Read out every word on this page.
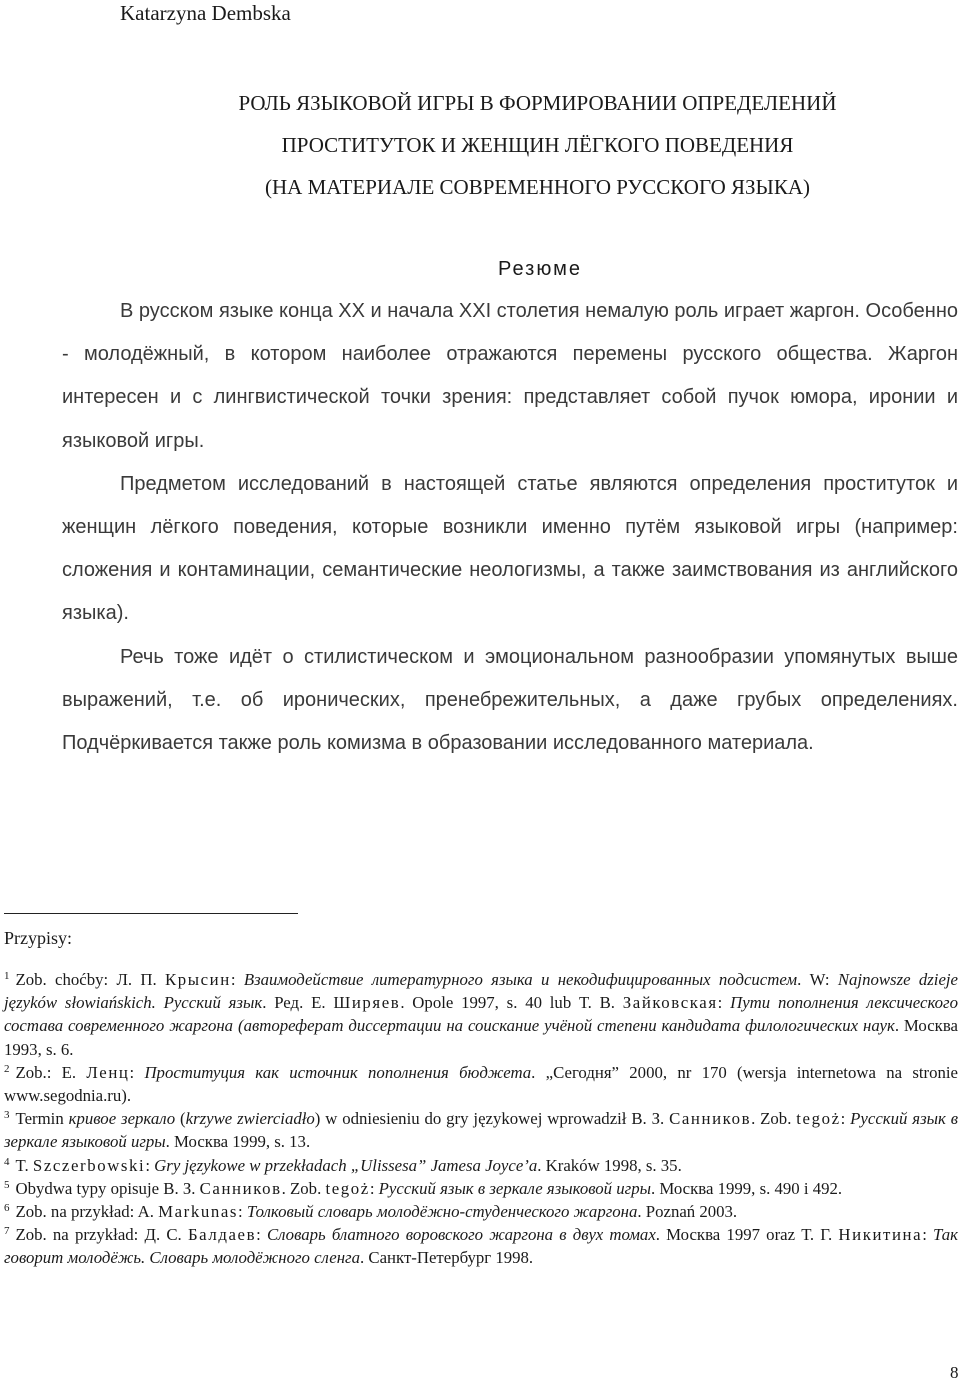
Katarzyna Dembska
РОЛЬ ЯЗЫКОВОЙ ИГРЫ В ФОРМИРОВАНИИ ОПРЕДЕЛЕНИЙ
ПРОСТИТУТОК И ЖЕНЩИН ЛЁГКОГО ПОВЕДЕНИЯ
(НА МАТЕРИАЛЕ СОВРЕМЕННОГО РУССКОГО ЯЗЫКА)
Резюме

В русском языке конца XX и начала XXI столетия немалую роль играет жаргон. Особенно - молодёжный, в котором наиболее отражаются перемены русского общества. Жаргон интересен и с лингвистической точки зрения: представляет собой пучок юмора, иронии и языковой игры.

Предметом исследований в настоящей статье являются определения проституток и женщин лёгкого поведения, которые возникли именно путём языковой игры (например: сложения и контаминации, семантические неологизмы, а также заимствования из английского языка).

Речь тоже идёт о стилистическом и эмоциональном разнообразии упомянутых выше выражений, т.е. об иронических, пренебрежительных, а даже грубых определениях. Подчёркивается также роль комизма в образовании исследованного материала.

Przypisy:

$^1$ Zob. choćby: Л. П. Крысин: Взаимодействие литературного языка и некодифицированных подсистем. W: Najnowsze dzieje języków słowiańskich. Русский язык. Ред. Е. Ширяев. Opole 1997, s. 40 lub Т. В. Зайковская: Пути пополнения лексического состава современного жаргона (автореферат диссертации на соискание учёной степени кандидата филологических наук. Москва 1993, s. 6.

$^2$ Zob.: Е. Ленц: Проституция как источник пополнения бюджета. „Сегодня” 2000, nr 170 (wersja internetowa na stronie www.segodnia.ru).

$^3$ Termin кривое зеркало (krzywe zwierciadło) w odniesieniu do gry językowej wprowadził В. З. Санников. Zob. tegoż: Русский язык в зеркале языковой игры. Москва 1999, s. 13.

$^4$ T. Szczerbowski: Gry językowe w przekładach „Ulissesa” Jamesa Joyce’a. Kraków 1998, s. 35.

$^5$ Obydwa typy opisuje В. З. Санников. Zob. tegoż: Русский язык в зеркале языковой игры. Москва 1999, s. 490 i 492.

$^6$ Zob. na przykład: A. Markunas: Толковый словарь молодёжно-студенческого жаргона. Poznań 2003.

$^7$ Zob. na przykład: Д. С. Балдаев: Словарь блатного воровского жаргона в двух томах. Москва 1997 oraz Т. Г. Никитина: Так говорит молодёжь. Словарь молодёжного сленга. Санкт-Петербург 1998.

8
